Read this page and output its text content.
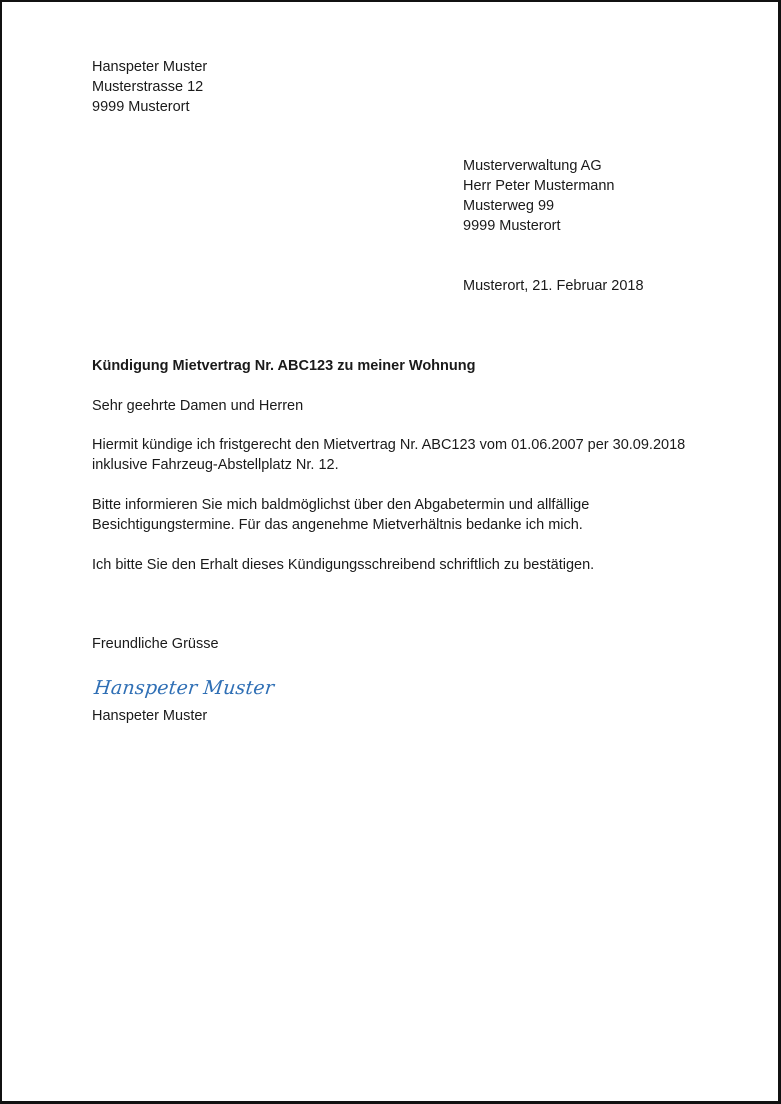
Hanspeter Muster
Musterstrasse 12
9999 Musterort
Musterverwaltung AG
Herr Peter Mustermann
Musterweg 99
9999 Musterort
Musterort, 21. Februar 2018
Kündigung Mietvertrag Nr. ABC123 zu meiner Wohnung
Sehr geehrte Damen und Herren
Hiermit kündige ich fristgerecht den Mietvertrag Nr. ABC123 vom 01.06.2007 per 30.09.2018
inklusive Fahrzeug-Abstellplatz Nr. 12.
Bitte informieren Sie mich baldmöglichst über den Abgabetermin und allfällige
Besichtigungstermine. Für das angenehme Mietverhältnis bedanke ich mich.
Ich bitte Sie den Erhalt dieses Kündigungsschreibend schriftlich zu bestätigen.
Freundliche Grüsse
Hanspeter Muster
Hanspeter Muster
